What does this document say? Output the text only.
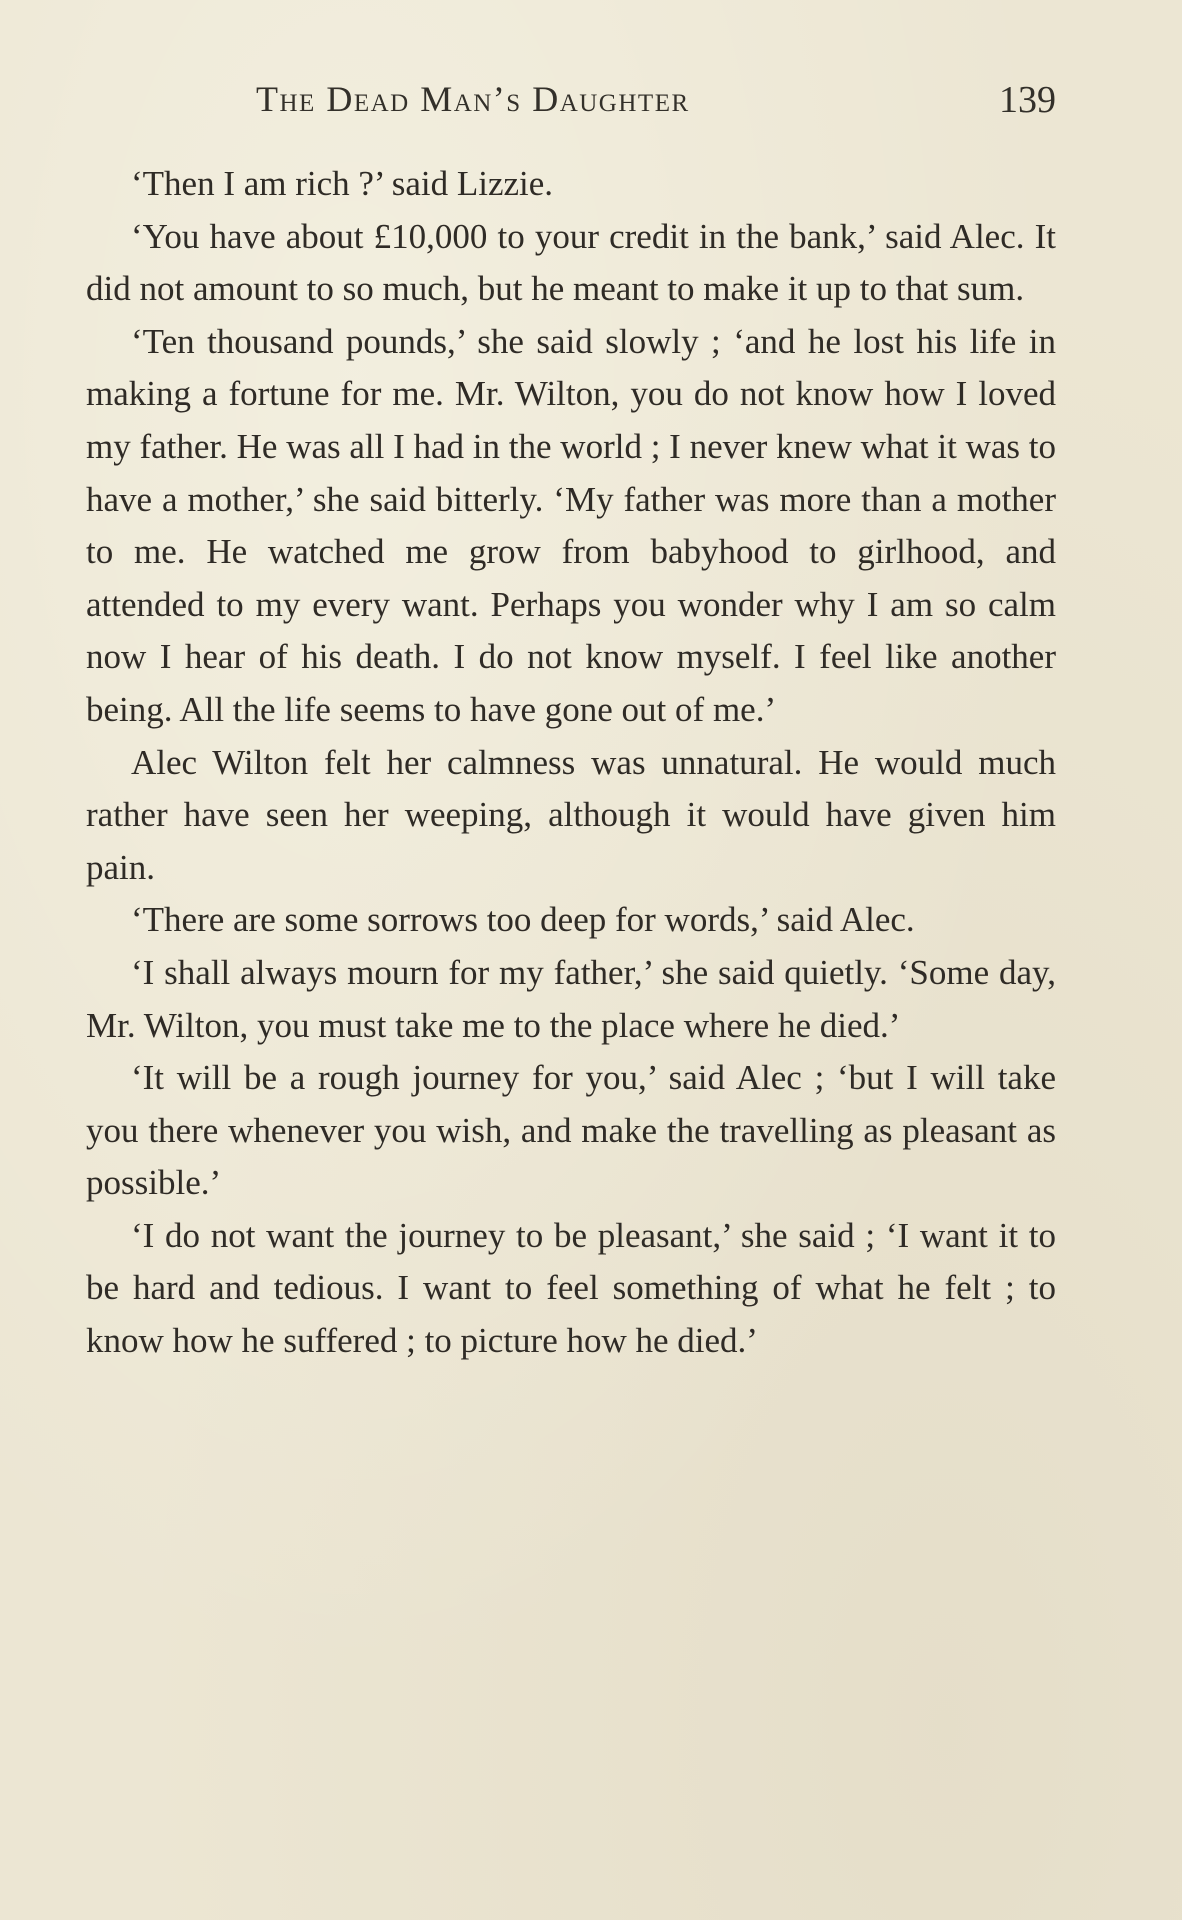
The Dead Man’s Daughter	139

‘Then I am rich ?’ said Lizzie.

‘You have about £10,000 to your credit in the bank,’ said Alec. It did not amount to so much, but he meant to make it up to that sum.

‘Ten thousand pounds,’ she said slowly ; ‘and he lost his life in making a fortune for me. Mr. Wilton, you do not know how I loved my father. He was all I had in the world ; I never knew what it was to have a mother,’ she said bitterly. ‘My father was more than a mother to me. He watched me grow from babyhood to girlhood, and attended to my every want. Perhaps you wonder why I am so calm now I hear of his death. I do not know myself. I feel like another being. All the life seems to have gone out of me.’

Alec Wilton felt her calmness was unnatural. He would much rather have seen her weeping, although it would have given him pain.

‘There are some sorrows too deep for words,’ said Alec.

‘I shall always mourn for my father,’ she said quietly. ‘Some day, Mr. Wilton, you must take me to the place where he died.’

‘It will be a rough journey for you,’ said Alec ; ‘but I will take you there whenever you wish, and make the travelling as pleasant as possible.’

‘I do not want the journey to be pleasant,’ she said ; ‘I want it to be hard and tedious. I want to feel something of what he felt ; to know how he suffered ; to picture how he died.’
